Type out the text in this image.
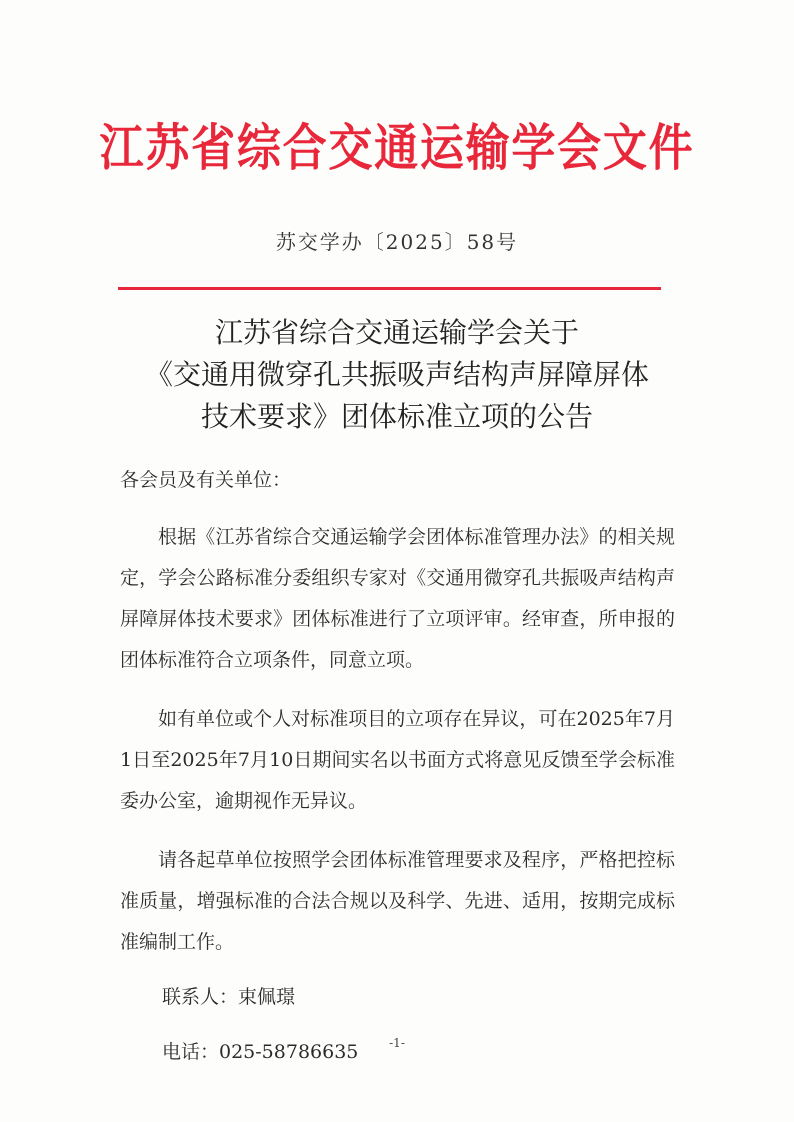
江苏省综合交通运输学会文件
苏交学办〔2025〕58号
江苏省综合交通运输学会关于
《交通用微穿孔共振吸声结构声屏障屏体
技术要求》团体标准立项的公告

各会员及有关单位：

根据《江苏省综合交通运输学会团体标准管理办法》的相关规定，学会公路标准分委组织专家对《交通用微穿孔共振吸声结构声屏障屏体技术要求》团体标准进行了立项评审。经审查，所申报的团体标准符合立项条件，同意立项。

如有单位或个人对标准项目的立项存在异议，可在2025年7月1日至2025年7月10日期间实名以书面方式将意见反馈至学会标准委办公室，逾期视作无异议。

请各起草单位按照学会团体标准管理要求及程序，严格把控标准质量，增强标准的合法合规以及科学、先进、适用，按期完成标准编制工作。

联系人：束佩璟
电话：025-58786635	-1-
